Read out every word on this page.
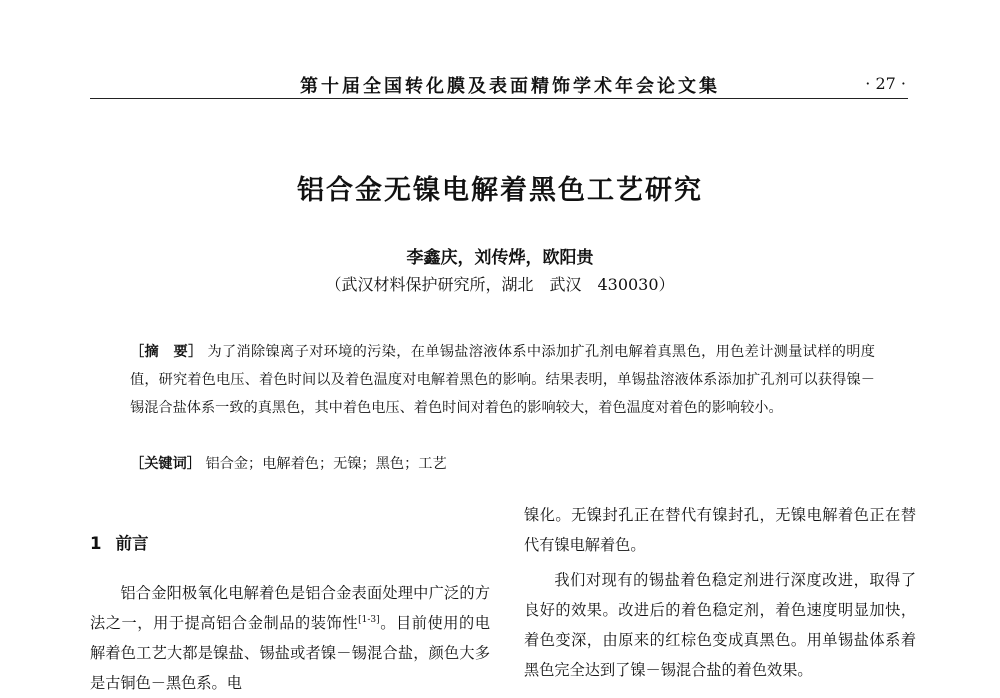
第十届全国转化膜及表面精饰学术年会论文集	· 27 ·
铝合金无镍电解着黑色工艺研究
李鑫庆，刘传烨，欧阳贵
（武汉材料保护研究所，湖北　武汉　430030）
［摘　要］ 为了消除镍离子对环境的污染，在单锡盐溶液体系中添加扩孔剂电解着真黑色，用色差计测量试样的明度值，研究着色电压、着色时间以及着色温度对电解着黑色的影响。结果表明，单锡盐溶液体系添加扩孔剂可以获得镍－锡混合盐体系一致的真黑色，其中着色电压、着色时间对着色的影响较大，着色温度对着色的影响较小。
［关键词］ 铝合金；电解着色；无镍；黑色；工艺
1 前言

铝合金阳极氧化电解着色是铝合金表面处理中广泛的方法之一，用于提高铝合金制品的装饰性[1-3]。目前使用的电解着色工艺大都是镍盐、锡盐或者镍－锡混合盐，颜色大多是古铜色－黑色系。电

镍化。无镍封孔正在替代有镍封孔，无镍电解着色正在替代有镍电解着色。

我们对现有的锡盐着色稳定剂进行深度改进，取得了良好的效果。改进后的着色稳定剂，着色速度明显加快，着色变深，由原来的红棕色变成真黑色。用单锡盐体系着黑色完全达到了镍－锡混合盐的着色效果。
